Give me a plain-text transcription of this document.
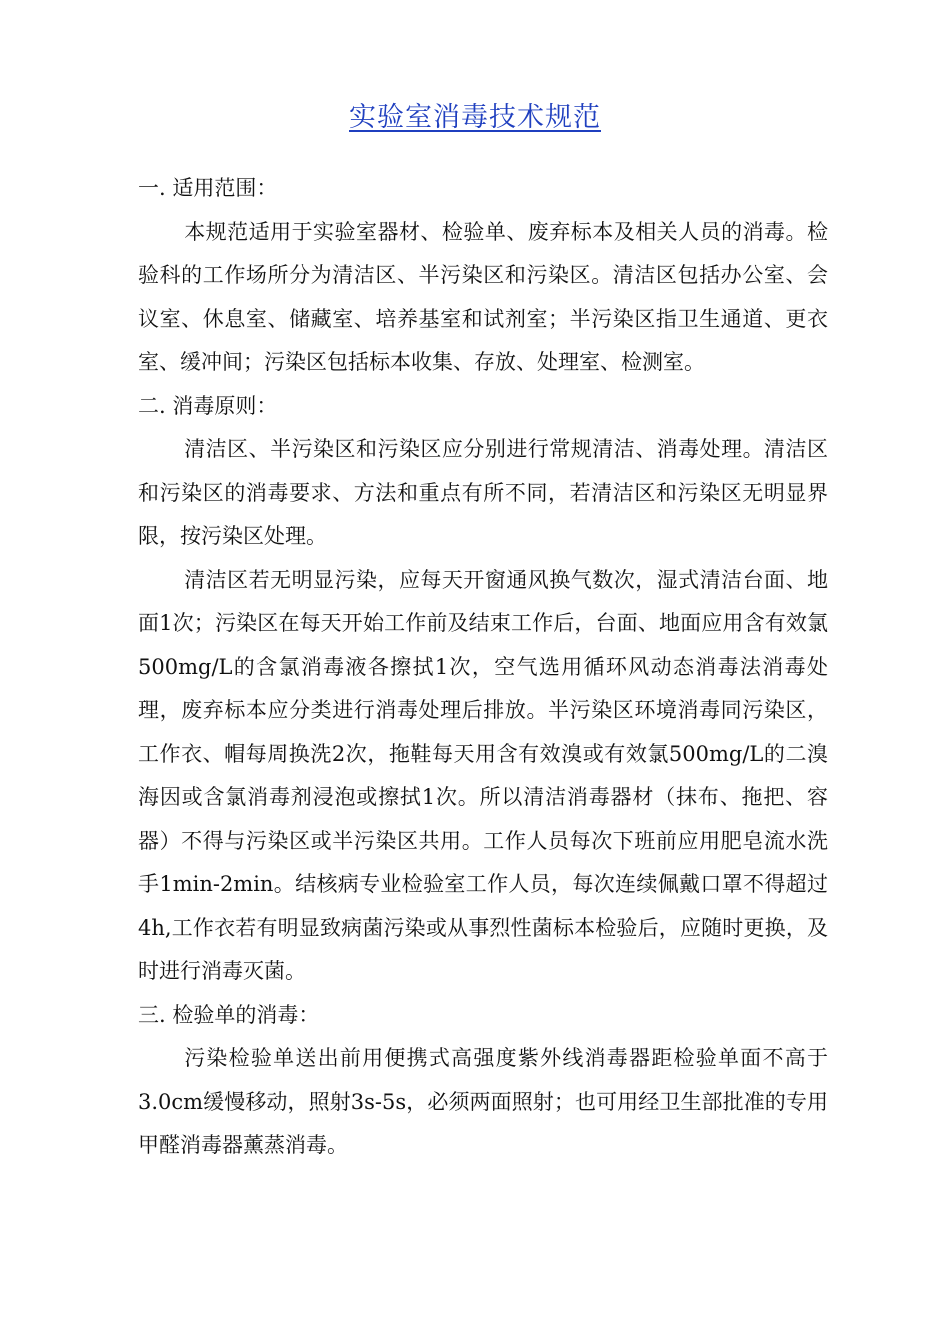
实验室消毒技术规范

一. 适用范围：

本规范适用于实验室器材、检验单、废弃标本及相关人员的消毒。检验科的工作场所分为清洁区、半污染区和污染区。清洁区包括办公室、会议室、休息室、储藏室、培养基室和试剂室；半污染区指卫生通道、更衣室、缓冲间；污染区包括标本收集、存放、处理室、检测室。

二. 消毒原则：

清洁区、半污染区和污染区应分别进行常规清洁、消毒处理。清洁区和污染区的消毒要求、方法和重点有所不同，若清洁区和污染区无明显界限，按污染区处理。

清洁区若无明显污染，应每天开窗通风换气数次，湿式清洁台面、地面1次；污染区在每天开始工作前及结束工作后，台面、地面应用含有效氯500mg/L的含氯消毒液各擦拭1次，空气选用循环风动态消毒法消毒处理，废弃标本应分类进行消毒处理后排放。半污染区环境消毒同污染区，工作衣、帽每周换洗2次，拖鞋每天用含有效溴或有效氯500mg/L的二溴海因或含氯消毒剂浸泡或擦拭1次。所以清洁消毒器材（抹布、拖把、容器）不得与污染区或半污染区共用。工作人员每次下班前应用肥皂流水洗手1min-2min。结核病专业检验室工作人员，每次连续佩戴口罩不得超过4h,工作衣若有明显致病菌污染或从事烈性菌标本检验后，应随时更换，及时进行消毒灭菌。

三. 检验单的消毒：

污染检验单送出前用便携式高强度紫外线消毒器距检验单面不高于3.0cm缓慢移动，照射3s-5s，必须两面照射；也可用经卫生部批准的专用甲醛消毒器薰蒸消毒。
